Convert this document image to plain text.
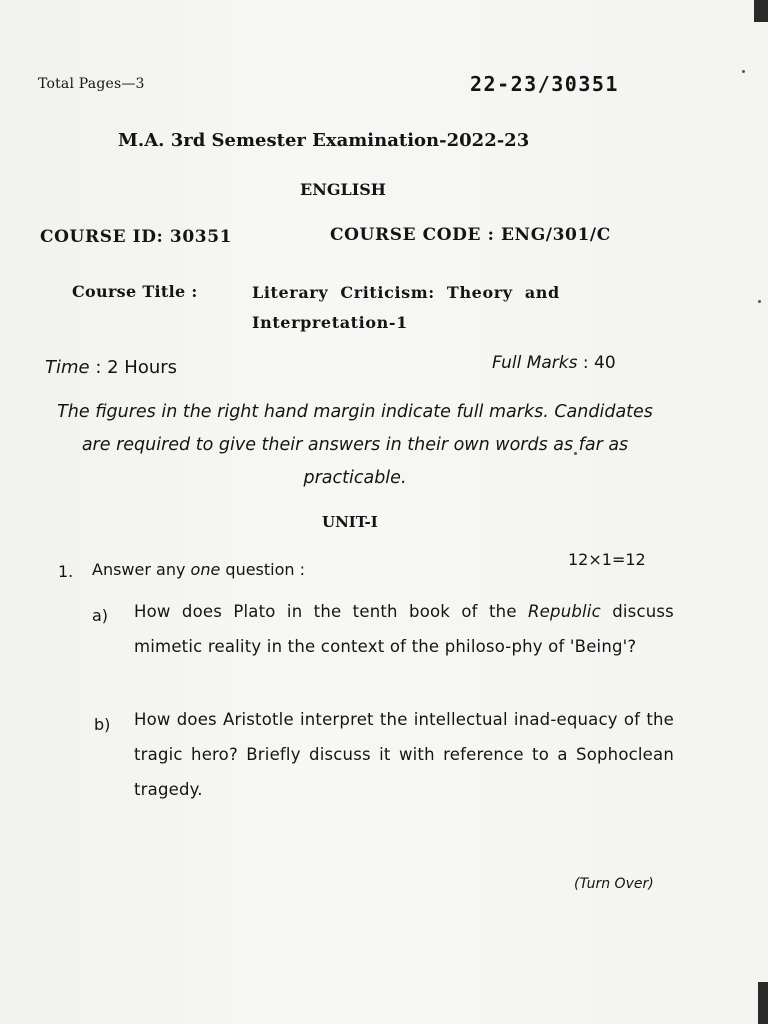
Total Pages—3	22-23/30351
M.A. 3rd Semester Examination-2022-23
ENGLISH
COURSE ID: 30351	COURSE CODE : ENG/301/C
Course Title :	Literary Criticism: Theory and Interpretation-1
Time : 2 Hours	Full Marks : 40
The figures in the right hand margin indicate full marks. Candidates are required to give their answers in their own words as far as practicable.
UNIT-I
1. Answer any one question :
12×1=12
a) How does Plato in the tenth book of the Republic discuss mimetic reality in the context of the philoso-phy of 'Being'?
b) How does Aristotle interpret the intellectual inad-equacy of the tragic hero? Briefly discuss it with reference to a Sophoclean tragedy.
(Turn Over)
